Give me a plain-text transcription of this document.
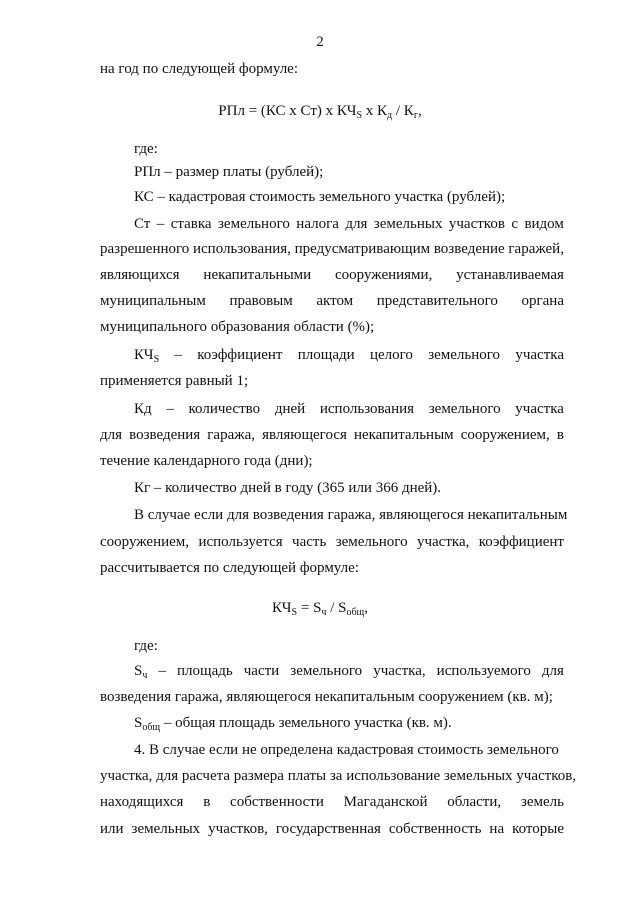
2
на год по следующей формуле:
РПл = (КС х Ст) х $КЧ_S$ х $К_д / К_г$,
где:
РПл – размер платы (рублей);
КС – кадастровая стоимость земельного участка (рублей);
Ст – ставка земельного налога для земельных участков с видом
разрешенного использования, предусматривающим возведение гаражей,
являющихся некапитальными сооружениями, устанавливаемая
муниципальным правовым актом представительного органа
муниципального образования области (%);
$КЧ_S$ – коэффициент площади целого земельного участка
применяется равный 1;
Кд – количество дней использования земельного участка
для возведения гаража, являющегося некапитальным сооружением, в
течение календарного года (дни);
Кг – количество дней в году (365 или 366 дней).
В случае если для возведения гаража, являющегося некапитальным
сооружением, используется часть земельного участка, коэффициент
рассчитывается по следующей формуле:
$КЧ_S = S_ч / S_{общ}$,
где:
$S_ч$ – площадь части земельного участка, используемого для
возведения гаража, являющегося некапитальным сооружением (кв. м);
$S_{общ}$ – общая площадь земельного участка (кв. м).
4. В случае если не определена кадастровая стоимость земельного
участка, для расчета размера платы за использование земельных участков,
находящихся в собственности Магаданской области, земель
или земельных участков, государственная собственность на которые
